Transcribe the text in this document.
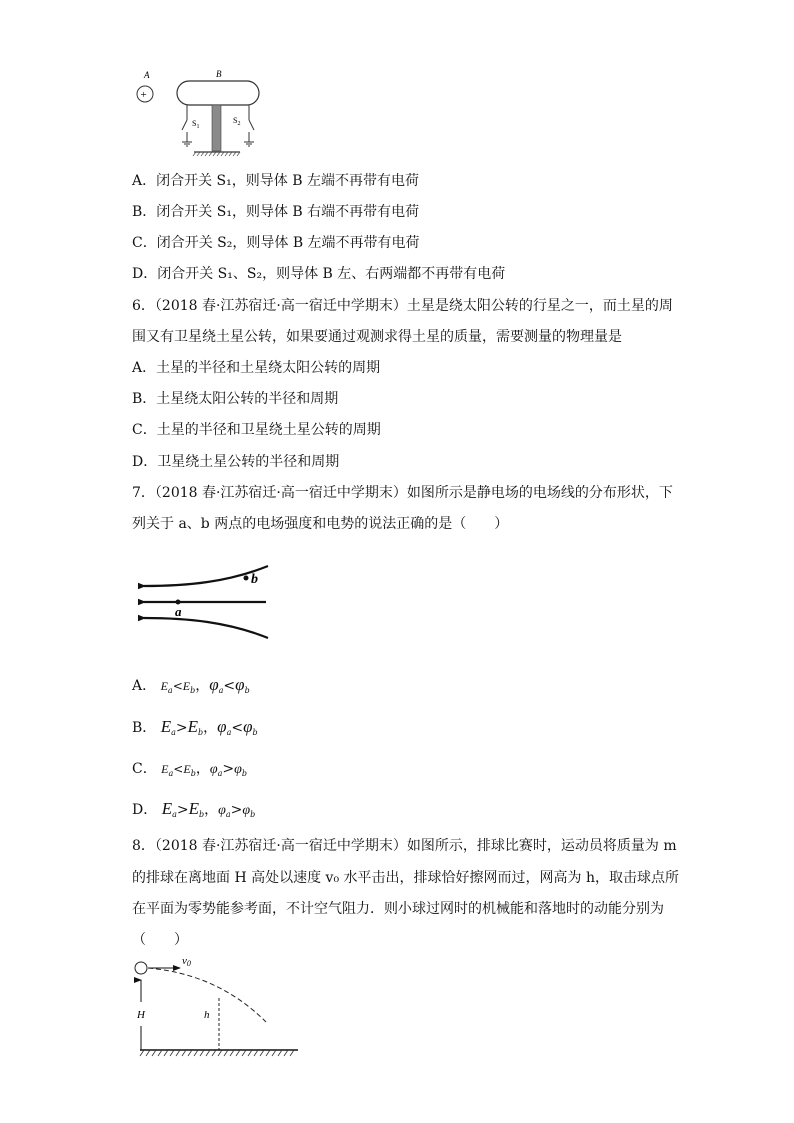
A
+
B
$S_1$
$S_2$
A．闭合开关 S₁，则导体 B 左端不再带有电荷
B．闭合开关 S₁，则导体 B 右端不再带有电荷
C．闭合开关 S₂，则导体 B 左端不再带有电荷
D．闭合开关 S₁、S₂，则导体 B 左、右两端都不再带有电荷
6．（2018 春·江苏宿迁·高一宿迁中学期末）土星是绕太阳公转的行星之一，而土星的周
围又有卫星绕土星公转，如果要通过观测求得土星的质量，需要测量的物理量是
A．土星的半径和土星绕太阳公转的周期
B．土星绕太阳公转的半径和周期
C．土星的半径和卫星绕土星公转的周期
D．卫星绕土星公转的半径和周期
7．（2018 春·江苏宿迁·高一宿迁中学期末）如图所示是静电场的电场线的分布形状，下
列关于 a、b 两点的电场强度和电势的说法正确的是（　　）
a
b
A． $E_a<E_b$，$\varphi_a<\varphi_b$
B． $E_a>E_b$，$\varphi_a<\varphi_b$
C． $E_a<E_b$，$\varphi_a>\varphi_b$
D． $E_a>E_b$，$\varphi_a>\varphi_b$
8．（2018 春·江苏宿迁·高一宿迁中学期末）如图所示，排球比赛时，运动员将质量为 m
的排球在离地面 H 高处以速度 v₀ 水平击出，排球恰好擦网而过，网高为 h，取击球点所
在平面为零势能参考面，不计空气阻力．则小球过网时的机械能和落地时的动能分别为
（　　）
v0
H	h
